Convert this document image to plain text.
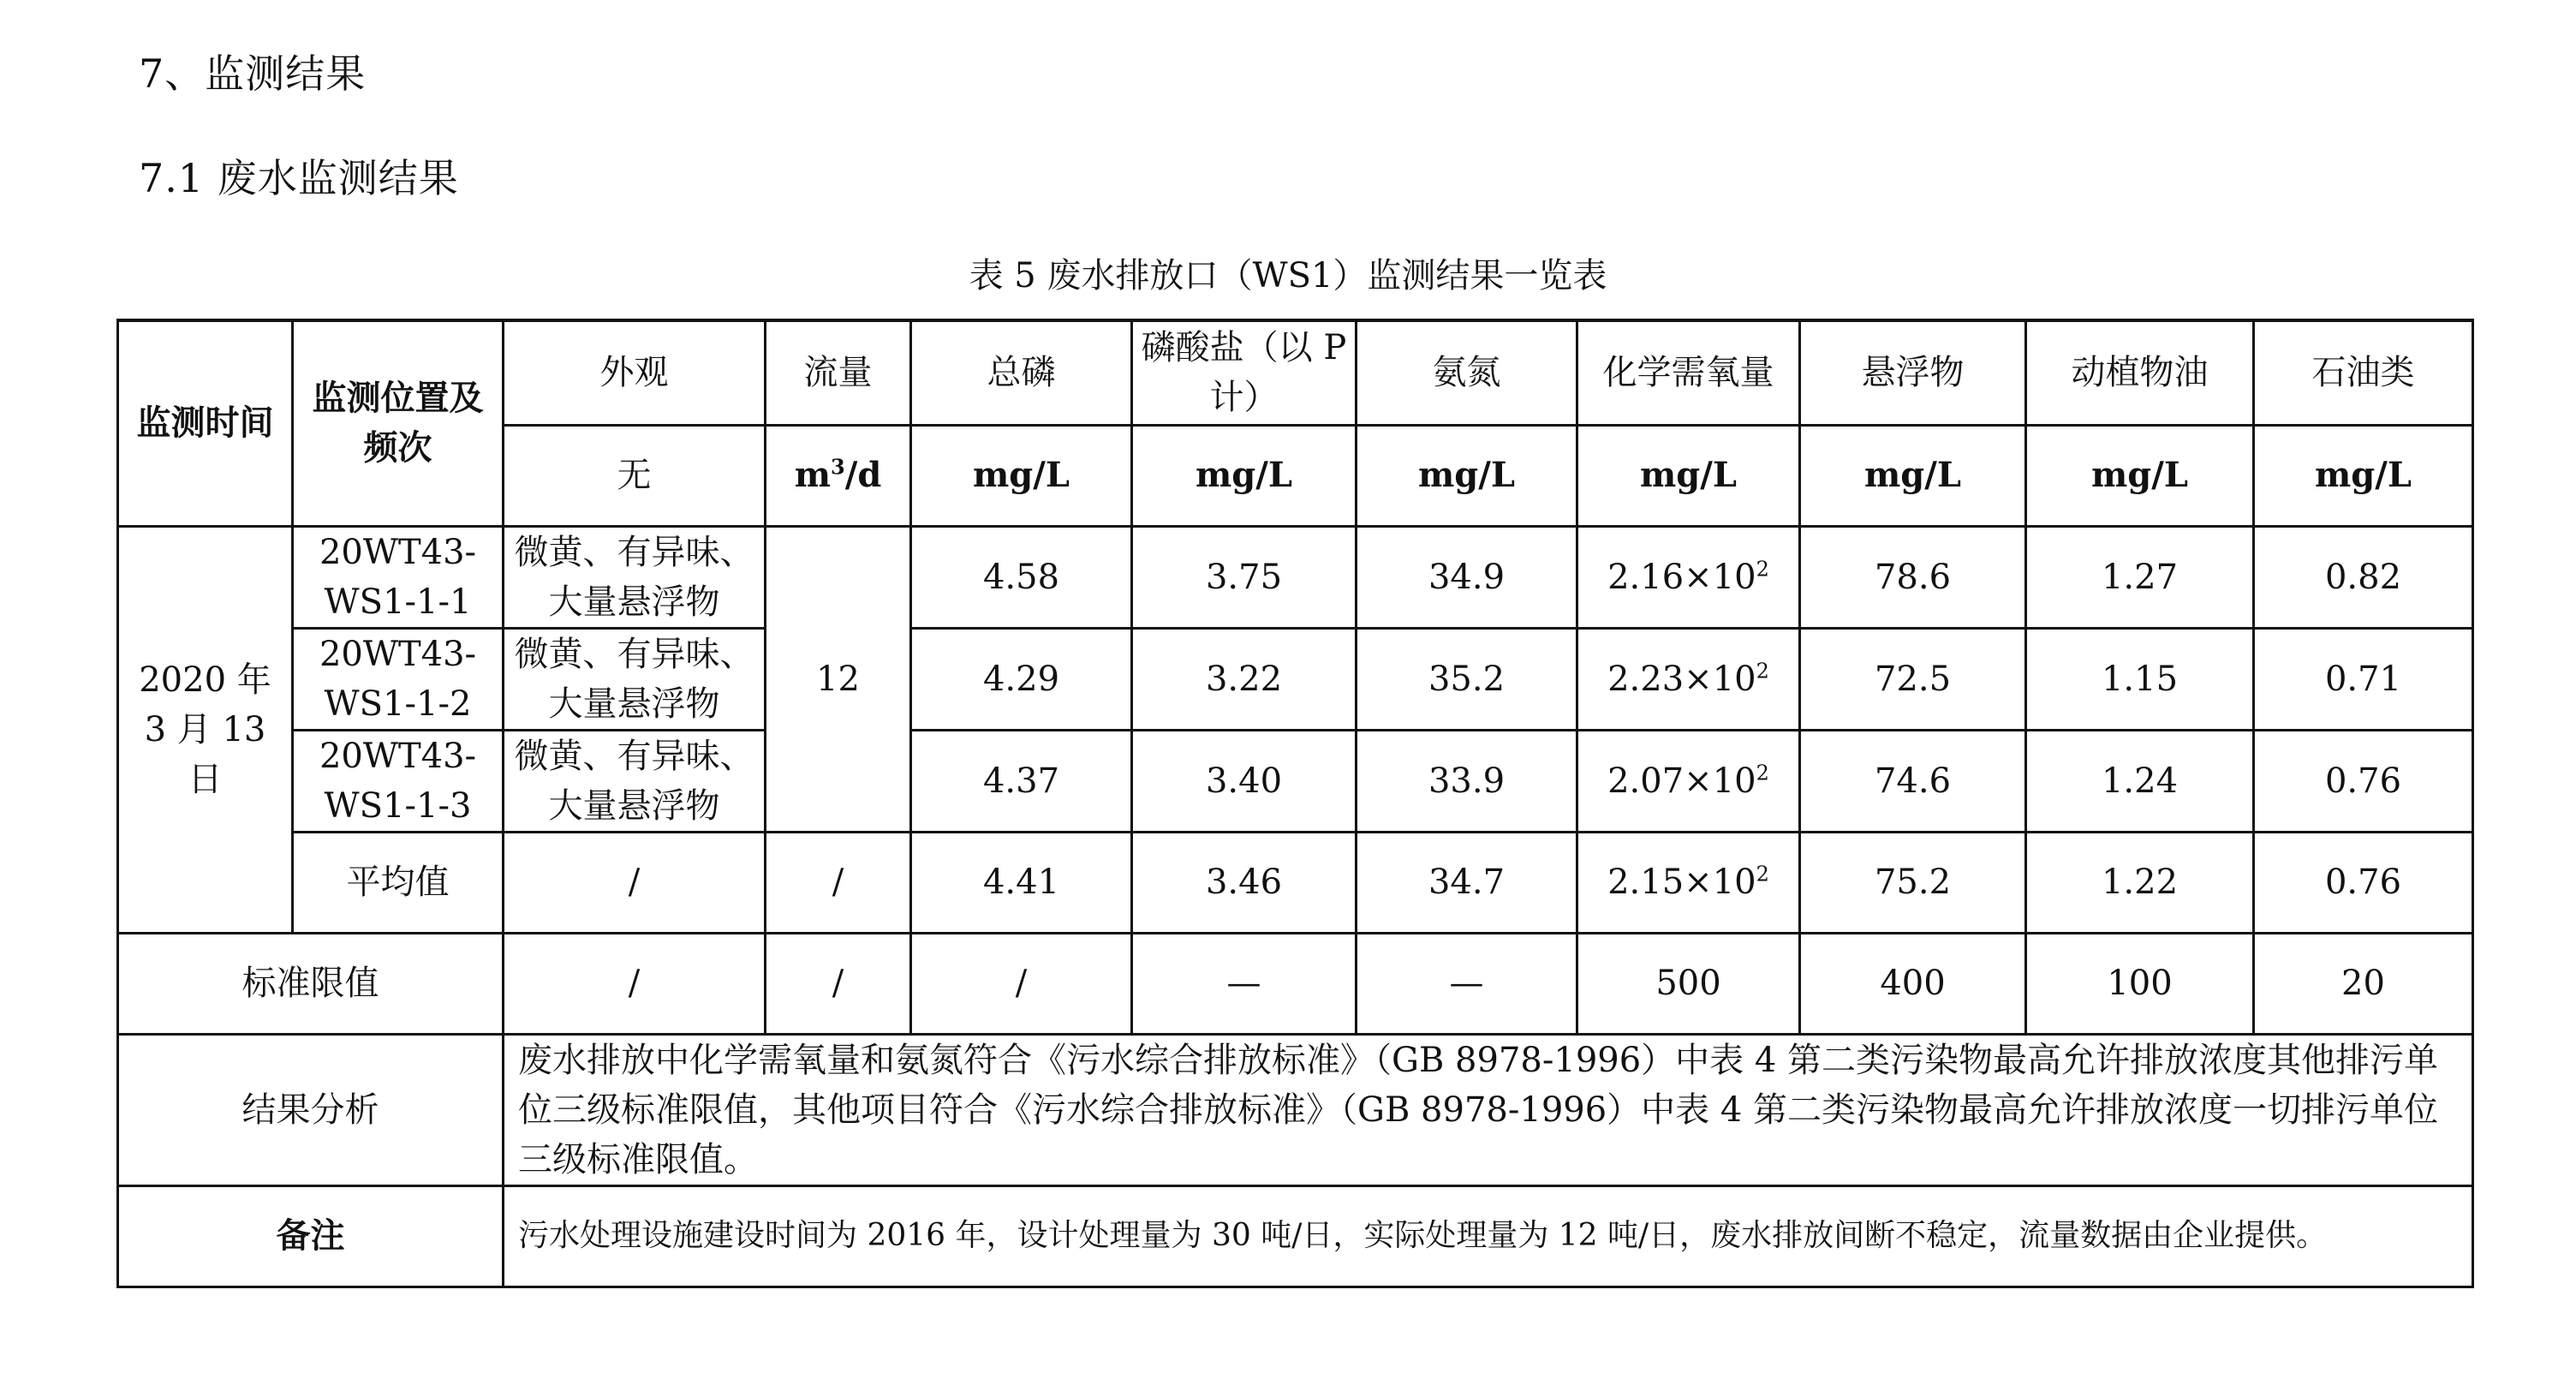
7、监测结果
7.1 废水监测结果
表 5 废水排放口（WS1）监测结果一览表
监测时间	监测位置及频次	外观	流量	总磷	磷酸盐（以 P 计）	氨氮	化学需氧量	悬浮物	动植物油	石油类
		无	$m^3/d$	mg/L	mg/L	mg/L	mg/L	mg/L	mg/L	mg/L
2020 年 3 月 13 日	20WT43-WS1-1-1	微黄、有异味、大量悬浮物	12	4.58	3.75	34.9	$2.16\times 10^2$	78.6	1.27	0.82
	20WT43-WS1-1-2	微黄、有异味、大量悬浮物		4.29	3.22	35.2	$2.23\times 10^2$	72.5	1.15	0.71
	20WT43-WS1-1-3	微黄、有异味、大量悬浮物		4.37	3.40	33.9	$2.07\times 10^2$	74.6	1.24	0.76
	平均值	/	/	4.41	3.46	34.7	$2.15\times 10^2$	75.2	1.22	0.76
标准限值		/	/	/	—	—	500	400	100	20
结果分析		废水排放中化学需氧量和氨氮符合《污水综合排放标准》（GB 8978-1996）中表 4 第二类污染物最高允许排放浓度其他排污单位三级标准限值，其他项目符合《污水综合排放标准》（GB 8978-1996）中表 4 第二类污染物最高允许排放浓度一切排污单位三级标准限值。								
备注		污水处理设施建设时间为 2016 年，设计处理量为 30 吨/日，实际处理量为 12 吨/日，废水排放间断不稳定，流量数据由企业提供。								
